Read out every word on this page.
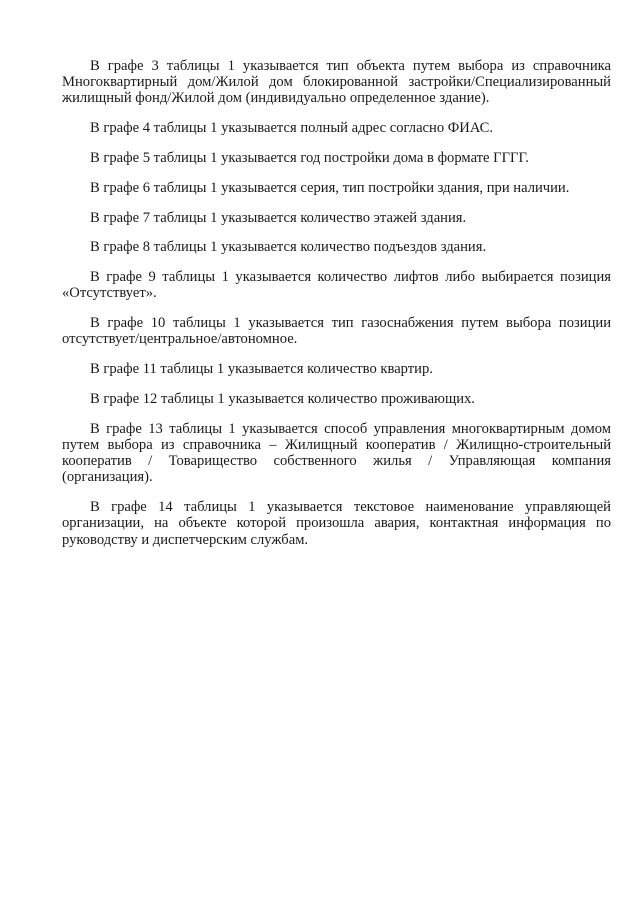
В графе 3 таблицы 1 указывается тип объекта путем выбора из справочника Многоквартирный дом/Жилой дом блокированной застройки/Специализированный жилищный фонд/Жилой дом (индивидуально определенное здание).

В графе 4 таблицы 1 указывается полный адрес согласно ФИАС.

В графе 5 таблицы 1 указывается год постройки дома в формате ГГГГ.

В графе 6 таблицы 1 указывается серия, тип постройки здания, при наличии.

В графе 7 таблицы 1 указывается количество этажей здания.

В графе 8 таблицы 1 указывается количество подъездов здания.

В графе 9 таблицы 1 указывается количество лифтов либо выбирается позиция «Отсутствует».

В графе 10 таблицы 1 указывается тип газоснабжения путем выбора позиции отсутствует/центральное/автономное.

В графе 11 таблицы 1 указывается количество квартир.

В графе 12 таблицы 1 указывается количество проживающих.

В графе 13 таблицы 1 указывается способ управления многоквартирным домом путем выбора из справочника – Жилищный кооператив / Жилищно-строительный кооператив / Товарищество собственного жилья / Управляющая компания (организация).

В графе 14 таблицы 1 указывается текстовое наименование управляющей организации, на объекте которой произошла авария, контактная информация по руководству и диспетчерским службам.
